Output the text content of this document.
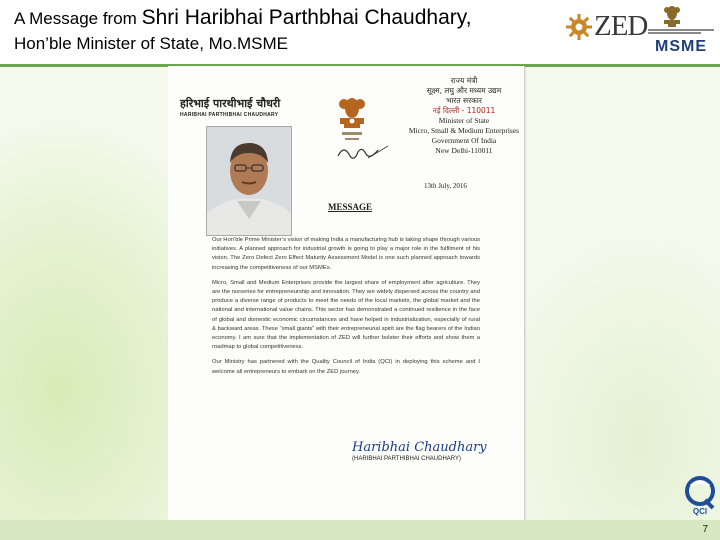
A Message from Shri Haribhai Parthbhai Chaudhary,
Hon’ble Minister of State, Mo.MSME
ZED
MSME
हरिभाई पारथीभाई चौधरी
HARIBHAI PARTHIBHAI CHAUDHARY
राज्य मंत्री
सूक्ष्म, लघु और मध्यम उद्यम
भारत सरकार
नई दिल्ली - 110011
Minister of State
Micro, Small & Medium Enterprises
Government Of India
New Delhi-110011
13th July, 2016
MESSAGE

Our Hon’ble Prime Minister’s vision of making India a manufacturing hub is taking shape through various initiatives. A planned approach for industrial growth is going to play a major role in the fulfilment of his vision. The Zero Defect Zero Effect Maturity Assessment Model is one such planned approach towards increasing the competitiveness of our MSMEs.

Micro, Small and Medium Enterprises provide the largest share of employment after agriculture. They are the nurseries for entrepreneurship and innovation. They are widely dispersed across the country and produce a diverse range of products to meet the needs of the local markets, the global market and the national and international value chains. This sector has demonstrated a continued resilience in the face of global and domestic economic circumstances and have helped in industrialization, especially of rural & backward areas. These “small giants” with their entrepreneurial spirit are the flag bearers of the Indian economy. I am sure that the implementation of ZED will further bolster their efforts and show them a roadmap to global competitiveness.

Our Ministry has partnered with the Quality Council of India (QCI) in deploying this scheme and I welcome all entrepreneurs to embark on the ZED journey.

Haribhai Chaudhary
(HARIBHAI PARTHIBHAI CHAUDHARY)
QCI
7
